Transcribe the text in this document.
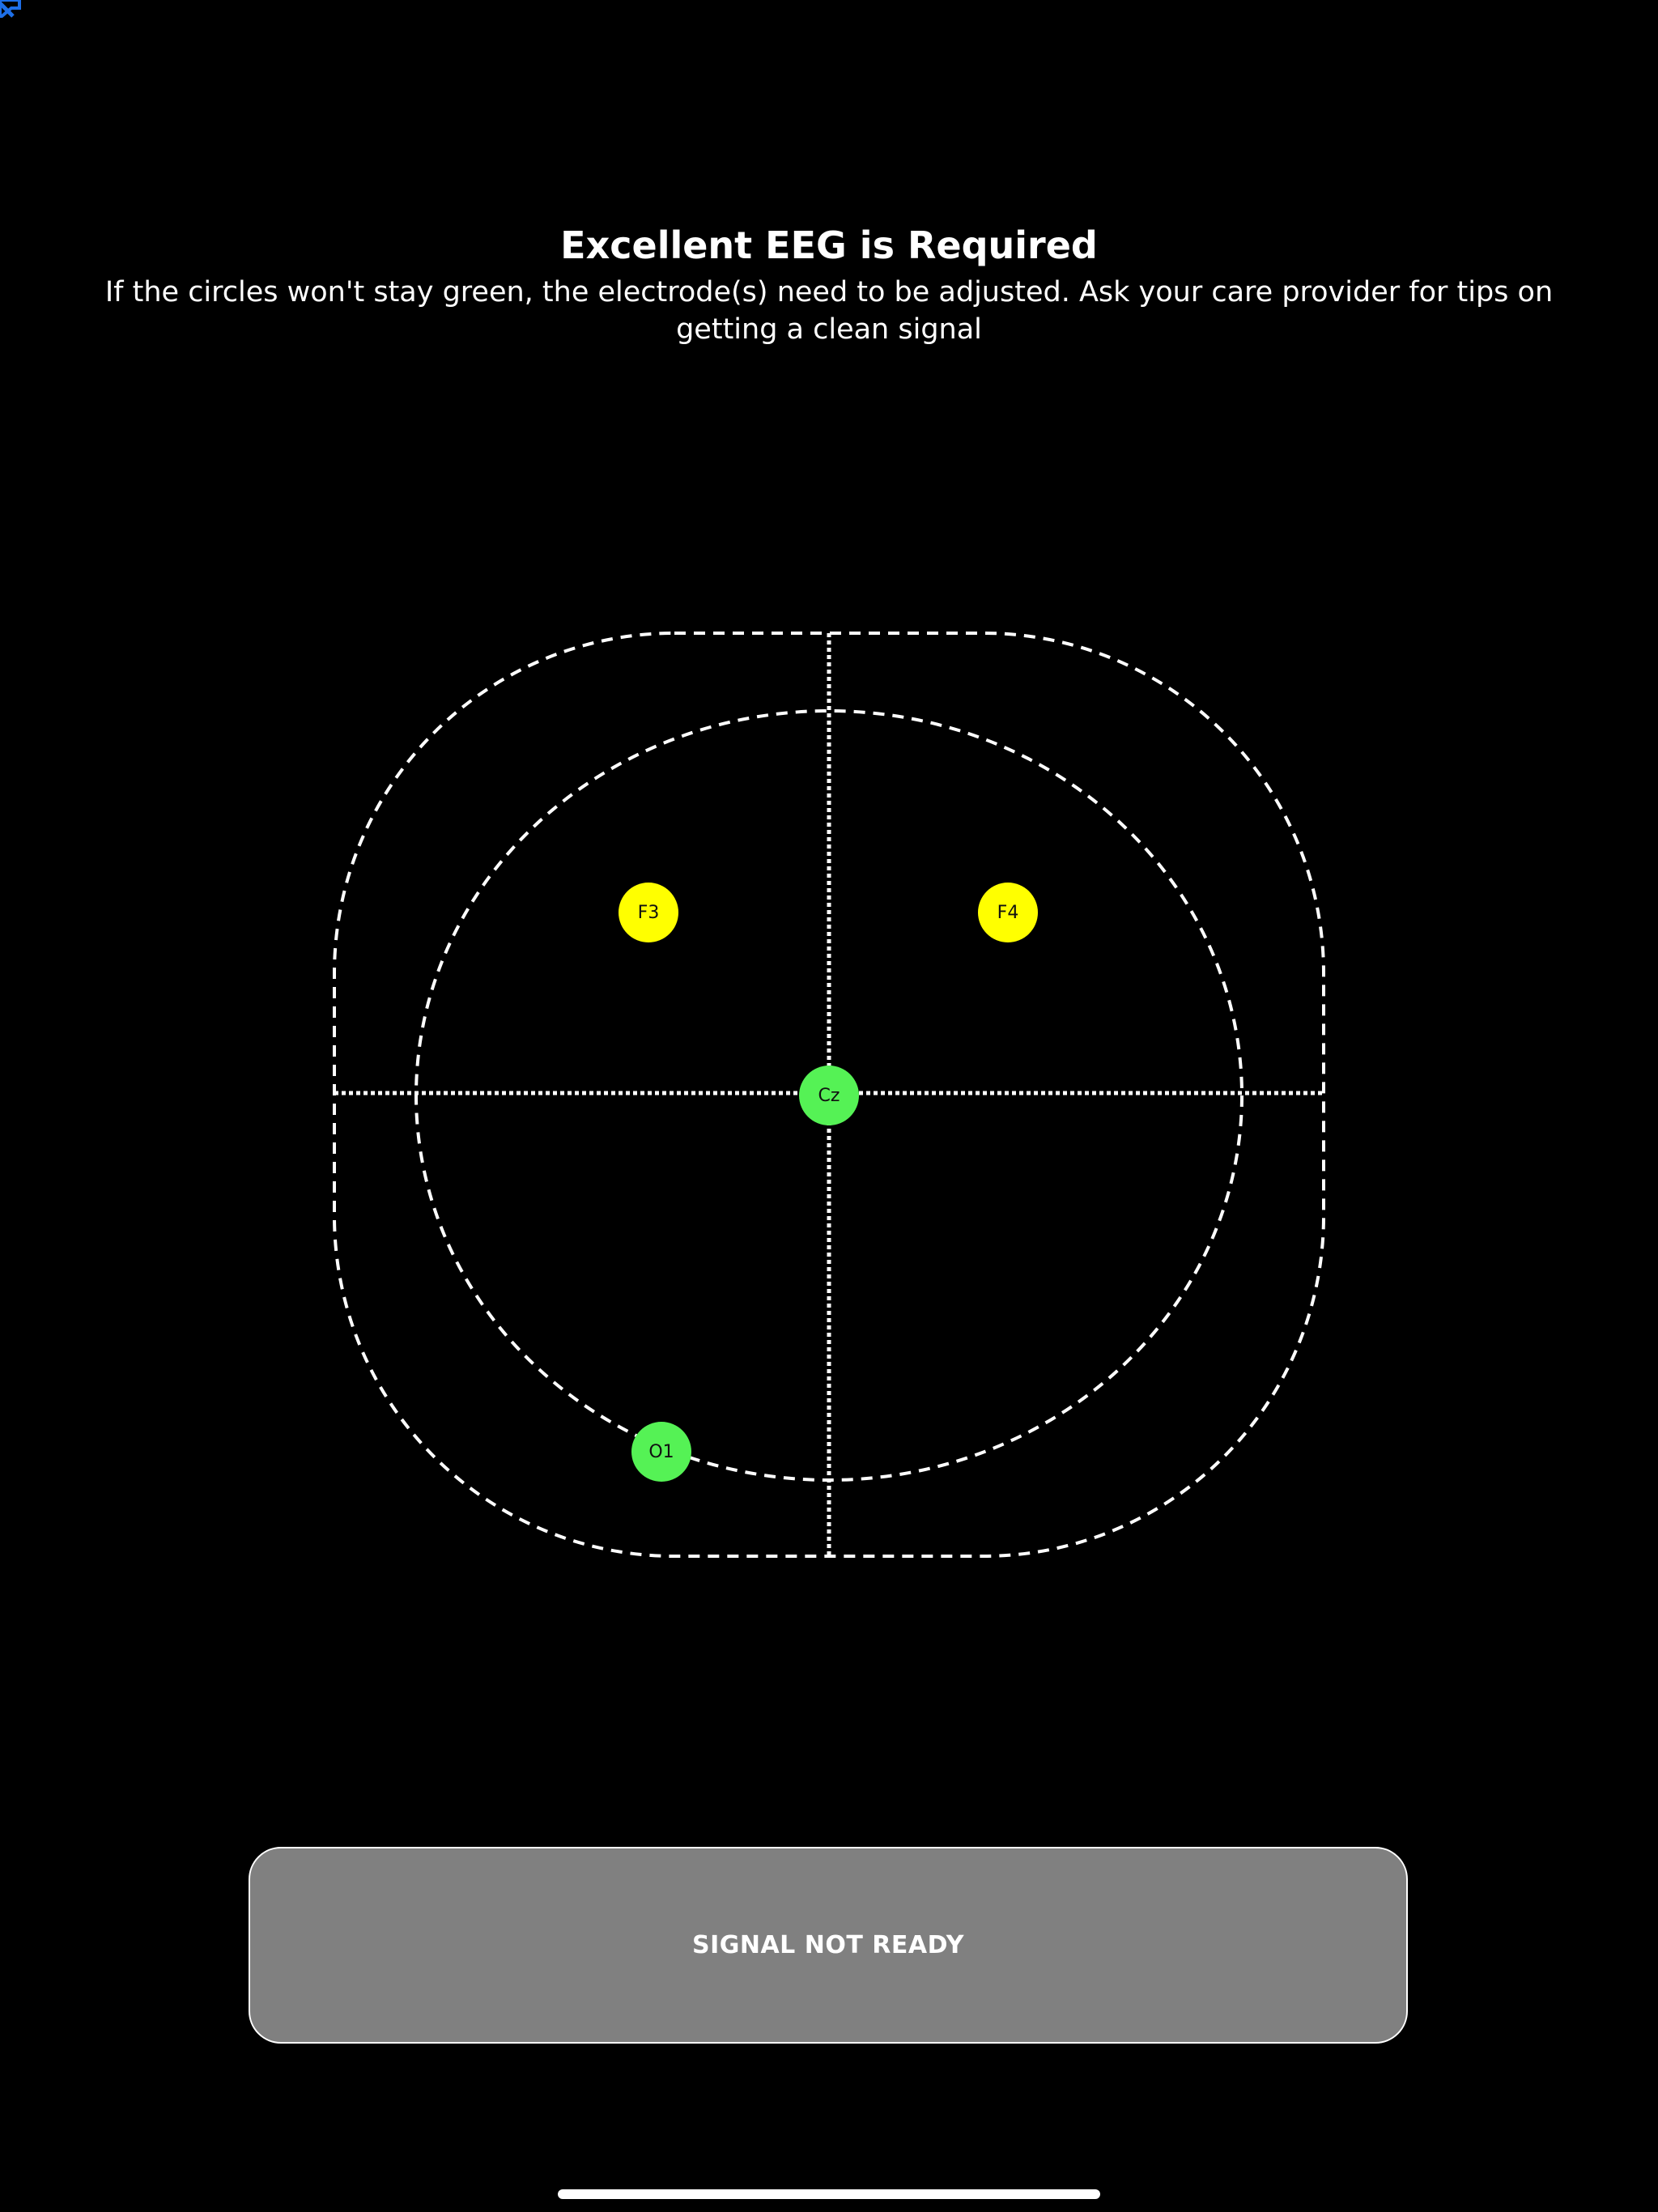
Excellent EEG is Required

If the circles won't stay green, the electrode(s) need to be adjusted. Ask your care provider for tips on getting a clean signal

F3	F4
Cz
O1
SIGNAL NOT READY
